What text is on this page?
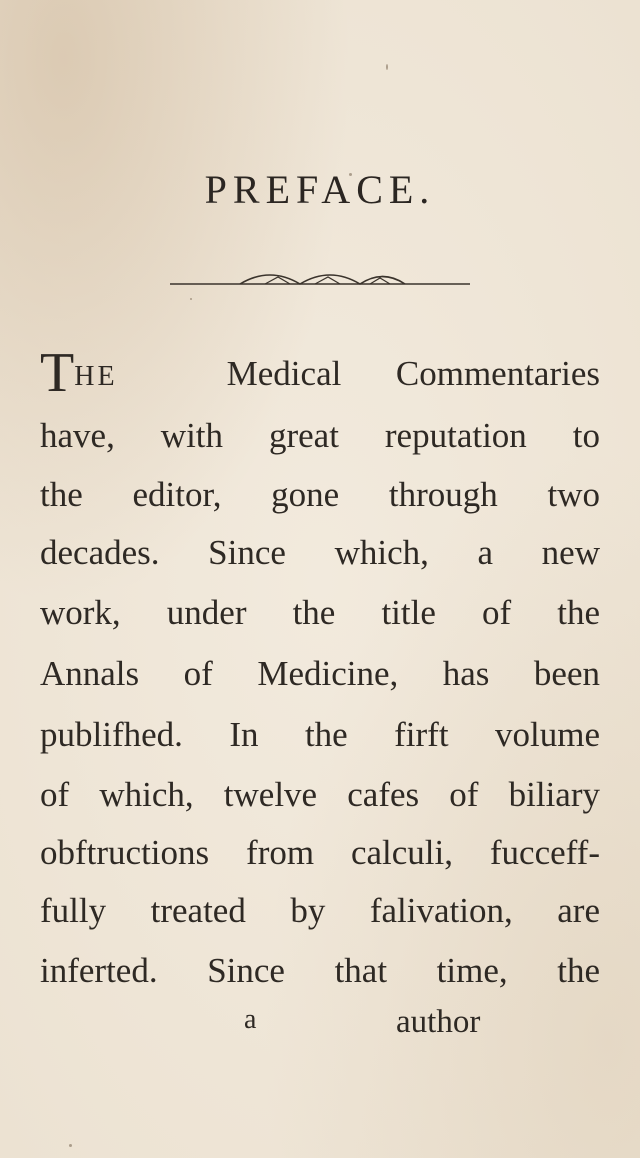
PREFACE.
THE	Medical Commentaries
have, with great reputation to
the editor, gone through two
decades. Since which, a new
work, under the title of the
Annals of Medicine, has been
publifhed. In the firft volume
of which, twelve cafes of biliary
obftructions from calculi, fucceff-
fully treated by falivation, are
inferted. Since that time, the
a	author
